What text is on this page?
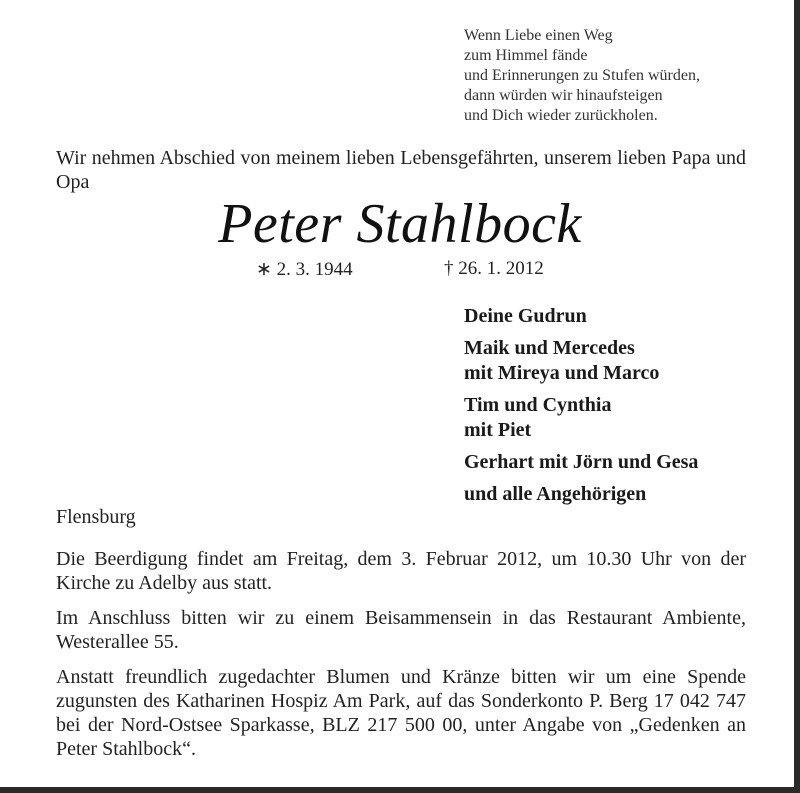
Wenn Liebe einen Weg
zum Himmel fände
und Erinnerungen zu Stufen würden,
dann würden wir hinaufsteigen
und Dich wieder zurückholen.
Wir nehmen Abschied von meinem lieben Lebensgefährten, unserem lieben Papa und Opa
Peter Stahlbock
∗ 2. 3. 1944	† 26. 1. 2012
Deine Gudrun
Maik und Mercedes
mit Mireya und Marco
Tim und Cynthia
mit Piet
Gerhart mit Jörn und Gesa
und alle Angehörigen
Flensburg
Die Beerdigung findet am Freitag, dem 3. Februar 2012, um 10.30 Uhr von der Kirche zu Adelby aus statt.
Im Anschluss bitten wir zu einem Beisammensein in das Restaurant Ambiente, Westerallee 55.
Anstatt freundlich zugedachter Blumen und Kränze bitten wir um eine Spende zugunsten des Katharinen Hospiz Am Park, auf das Sonderkonto P. Berg 17 042 747 bei der Nord-Ostsee Sparkasse, BLZ 217 500 00, unter Angabe von „Gedenken an Peter Stahlbock“.
